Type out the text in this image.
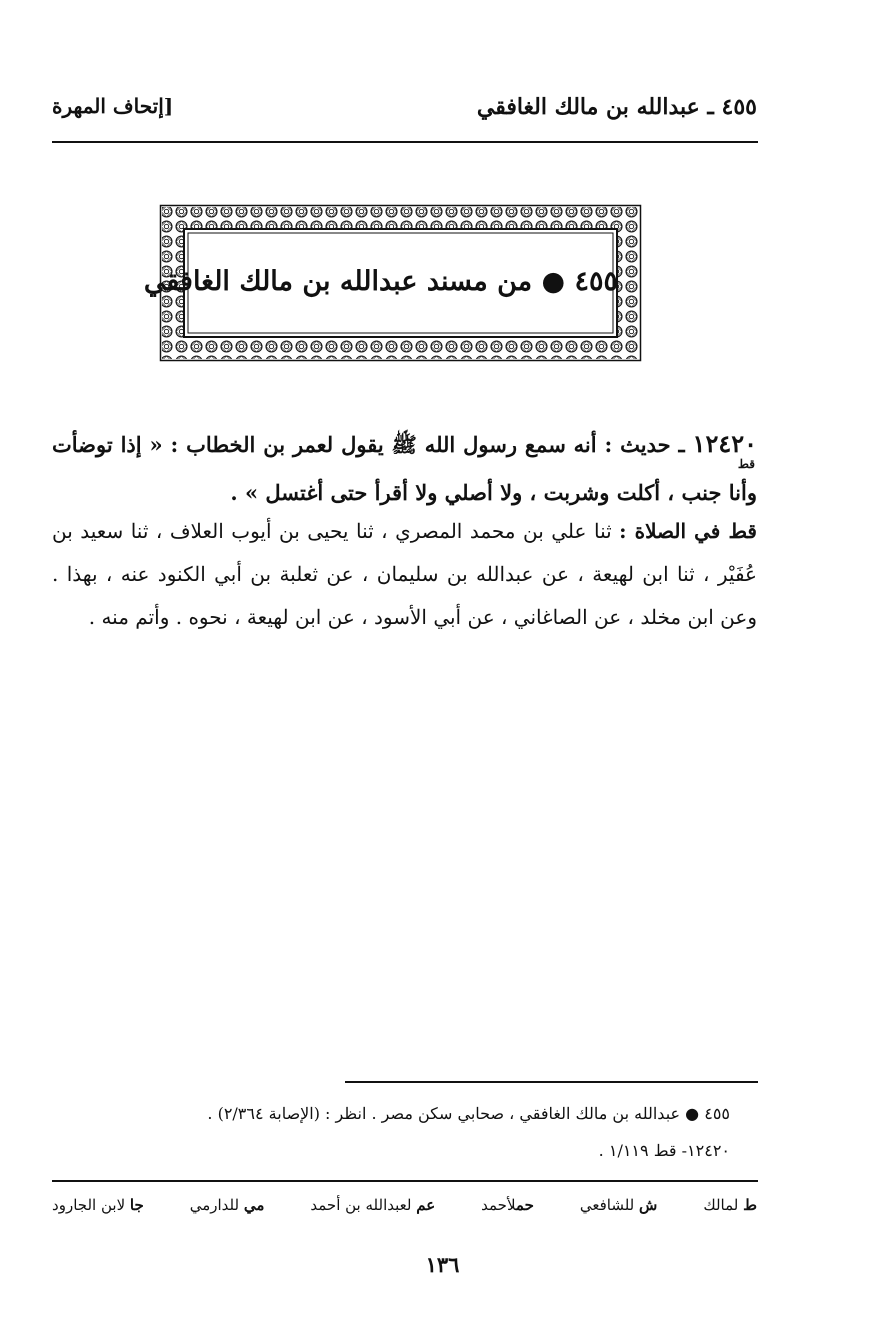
٤٥٥ ـ عبدالله بن مالك الغافقي
[إتحاف المهرة
٤٥٥ ● من مسند عبدالله بن مالك الغافقي
١٢٤٢٠
قط
ـ حديث : أنه سمع رسول الله ﷺ يقول لعمر بن الخطاب : « إذا توضأت وأنا جنب ، أكلت وشربت ، ولا أصلي ولا أقرأ حتى أغتسل » .
قط في الصلاة : ثنا علي بن محمد المصري ، ثنا يحيى بن أيوب العلاف ، ثنا سعيد بن عُفَيْر ، ثنا ابن لهيعة ، عن عبدالله بن سليمان ، عن ثعلبة بن أبي الكنود عنه ، بهذا . وعن ابن مخلد ، عن الصاغاني ، عن أبي الأسود ، عن ابن لهيعة ، نحوه . وأتم منه .
٤٥٥ ● عبدالله بن مالك الغافقي ، صحابي سكن مصر . انظر : (الإصابة ٢/٣٦٤) .
١٢٤٢٠- قط ١/١١٩ .
ط لمالك
ش للشافعي
حملأحمد
عم لعبدالله بن أحمد
مي للدارمي
جا لابن الجارود
١٣٦
